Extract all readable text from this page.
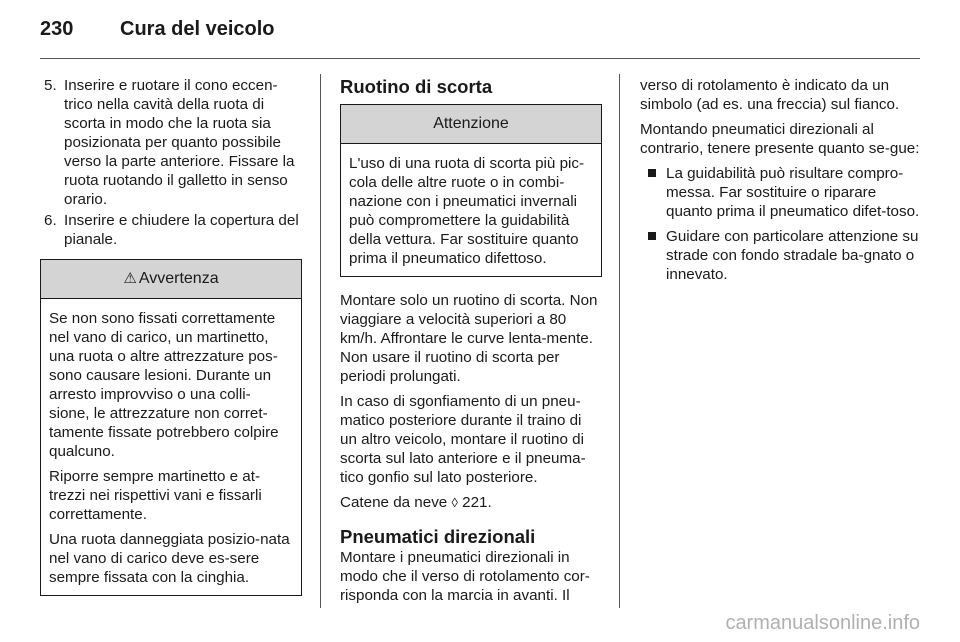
230 Cura del veicolo
5. Inserire e ruotare il cono eccen-trico nella cavità della ruota di scorta in modo che la ruota sia posizionata per quanto possibile verso la parte anteriore. Fissare la ruota ruotando il galletto in senso orario.
6. Inserire e chiudere la copertura del pianale.
⚠ Avvertenza

Se non sono fissati correttamente nel vano di carico, un martinetto, una ruota o altre attrezzature pos-sono causare lesioni. Durante un arresto improvviso o una colli-sione, le attrezzature non corret-tamente fissate potrebbero colpire qualcuno.

Riporre sempre martinetto e at-trezzi nei rispettivi vani e fissarli correttamente.

Una ruota danneggiata posizio-nata nel vano di carico deve es-sere sempre fissata con la cinghia.

Ruotino di scorta
Attenzione

L'uso di una ruota di scorta più pic-cola delle altre ruote o in combi-nazione con i pneumatici invernali può compromettere la guidabilità della vettura. Far sostituire quanto prima il pneumatico difettoso.

Montare solo un ruotino di scorta. Non viaggiare a velocità superiori a 80 km/h. Affrontare le curve lenta-mente. Non usare il ruotino di scorta per periodi prolungati.

In caso di sgonfiamento di un pneu-matico posteriore durante il traino di un altro veicolo, montare il ruotino di scorta sul lato anteriore e il pneuma-tico gonfio sul lato posteriore.

Catene da neve ◊ 221.

Pneumatici direzionali

Montare i pneumatici direzionali in modo che il verso di rotolamento cor-risponda con la marcia in avanti. Il

verso di rotolamento è indicato da un simbolo (ad es. una freccia) sul fianco.

Montando pneumatici direzionali al contrario, tenere presente quanto se-gue:

La guidabilità può risultare compro-messa. Far sostituire o riparare quanto prima il pneumatico difet-toso.
Guidare con particolare attenzione su strade con fondo stradale ba-gnato o innevato.
carmanualsonline.info
